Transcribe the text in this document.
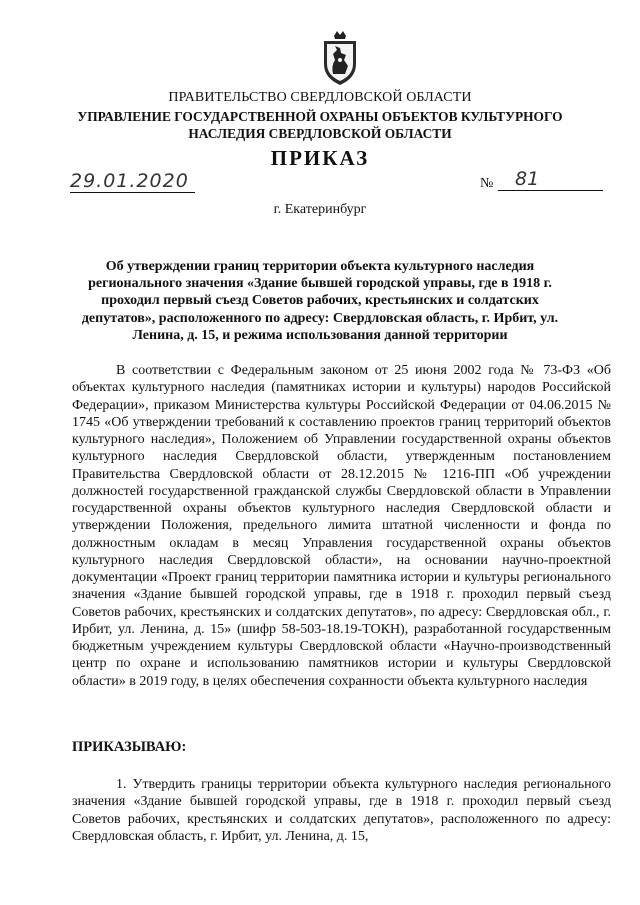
ПРАВИТЕЛЬСТВО СВЕРДЛОВСКОЙ ОБЛАСТИ
УПРАВЛЕНИЕ ГОСУДАРСТВЕННОЙ ОХРАНЫ ОБЪЕКТОВ КУЛЬТУРНОГО НАСЛЕДИЯ СВЕРДЛОВСКОЙ ОБЛАСТИ
ПРИКАЗ
29.01.2020	№ 81
г. Екатеринбург
Об утверждении границ территории объекта культурного наследия регионального значения «Здание бывшей городской управы, где в 1918 г. проходил первый съезд Советов рабочих, крестьянских и солдатских депутатов», расположенного по адресу: Свердловская область, г. Ирбит, ул. Ленина, д. 15, и режима использования данной территории
В соответствии с Федеральным законом от 25 июня 2002 года № 73-ФЗ «Об объектах культурного наследия (памятниках истории и культуры) народов Российской Федерации», приказом Министерства культуры Российской Федерации от 04.06.2015 № 1745 «Об утверждении требований к составлению проектов границ территорий объектов культурного наследия», Положением об Управлении государственной охраны объектов культурного наследия Свердловской области, утвержденным постановлением Правительства Свердловской области от 28.12.2015 № 1216-ПП «Об учреждении должностей государственной гражданской службы Свердловской области в Управлении государственной охраны объектов культурного наследия Свердловской области и утверждении Положения, предельного лимита штатной численности и фонда по должностным окладам в месяц Управления государственной охраны объектов культурного наследия Свердловской области», на основании научно-проектной документации «Проект границ территории памятника истории и культуры регионального значения «Здание бывшей городской управы, где в 1918 г. проходил первый съезд Советов рабочих, крестьянских и солдатских депутатов», по адресу: Свердловская обл., г. Ирбит, ул. Ленина, д. 15» (шифр 58-503-18.19-ТОКН), разработанной государственным бюджетным учреждением культуры Свердловской области «Научно-производственный центр по охране и использованию памятников истории и культуры Свердловской области» в 2019 году, в целях обеспечения сохранности объекта культурного наследия
ПРИКАЗЫВАЮ:
1. Утвердить границы территории объекта культурного наследия регионального значения «Здание бывшей городской управы, где в 1918 г. проходил первый съезд Советов рабочих, крестьянских и солдатских депутатов», расположенного по адресу: Свердловская область, г. Ирбит, ул. Ленина, д. 15,
